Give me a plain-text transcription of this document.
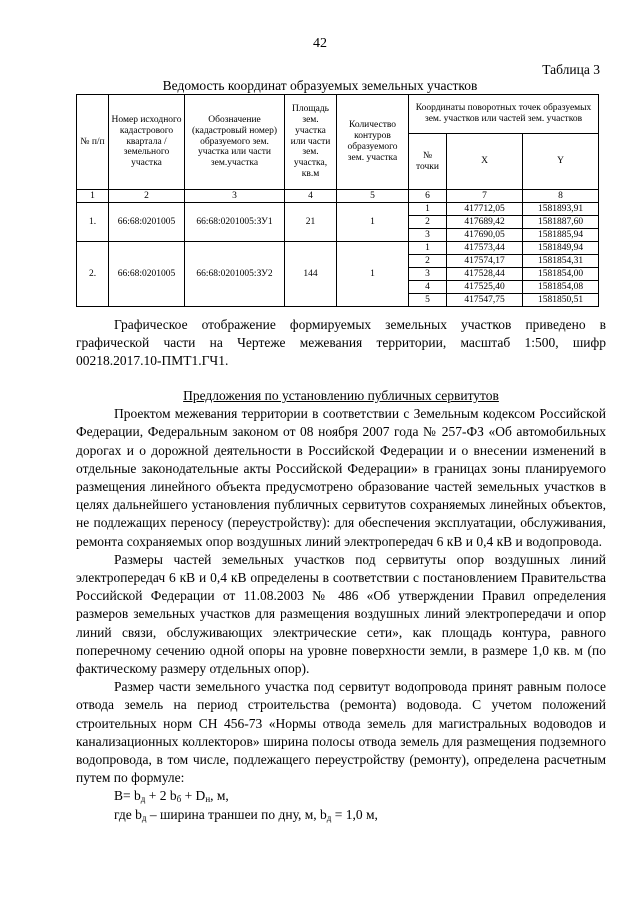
42
Таблица 3
Ведомость координат образуемых земельных участков
№ п/п	Номер исходного кадастрового квартала / земельного участка	Обозначение (кадастровый номер) образуемого зем. участка или части зем.участка	Площадь зем. участка или части зем. участка, кв.м	Количество контуров образуемого зем. участка	Координаты поворотных точек образуемых зем. участков или частей зем. участков		
					№ точки	X	Y
1	2	3	4	5	6	7	8
1.	66:68:0201005	66:68:0201005:ЗУ1	21	1	1	417712,05	1581893,91
					2	417689,42	1581887,60
					3	417690,05	1581885,94
2.	66:68:0201005	66:68:0201005:ЗУ2	144	1	1	417573,44	1581849,94
					2	417574,17	1581854,31
					3	417528,44	1581854,00
					4	417525,40	1581854,08
					5	417547,75	1581850,51

Графическое отображение формируемых земельных участков приведено в графической части на Чертеже межевания территории, масштаб 1:500, шифр 00218.2017.10-ПМТ1.ГЧ1.

Предложения по установлению публичных сервитутов

Проектом межевания территории в соответствии с Земельным кодексом Российской Федерации, Федеральным законом от 08 ноября 2007 года № 257-ФЗ «Об автомобильных дорогах и о дорожной деятельности в Российской Федерации и о внесении изменений в отдельные законодательные акты Российской Федерации» в границах зоны планируемого размещения линейного объекта предусмотрено образование частей земельных участков в целях дальнейшего установления публичных сервитутов сохраняемых линейных объектов, не подлежащих переносу (переустройству): для обеспечения эксплуатации, обслуживания, ремонта сохраняемых опор воздушных линий электропередач 6 кВ и 0,4 кВ и водопровода.

Размеры частей земельных участков под сервитуты опор воздушных линий электропередач 6 кВ и 0,4 кВ определены в соответствии с постановлением Правительства Российской Федерации от 11.08.2003 № 486 «Об утверждении Правил определения размеров земельных участков для размещения воздушных линий электропередачи и опор линий связи, обслуживающих электрические сети», как площадь контура, равного поперечному сечению одной опоры на уровне поверхности земли, в размере 1,0 кв. м (по фактическому размеру отдельных опор).

Размер части земельного участка под сервитут водопровода принят равным полосе отвода земель на период строительства (ремонта) водовода. С учетом положений строительных норм СН 456-73 «Нормы отвода земель для магистральных водоводов и канализационных коллекторов» ширина полосы отвода земель для размещения подземного водопровода, в том числе, подлежащего переустройству (ремонту), определена расчетным путем по формуле:

$B= b_д + 2$ $b_б + D_н$, м,

где $b_д$ – ширина траншеи по дну, м, $b_д = 1,0$ м,
